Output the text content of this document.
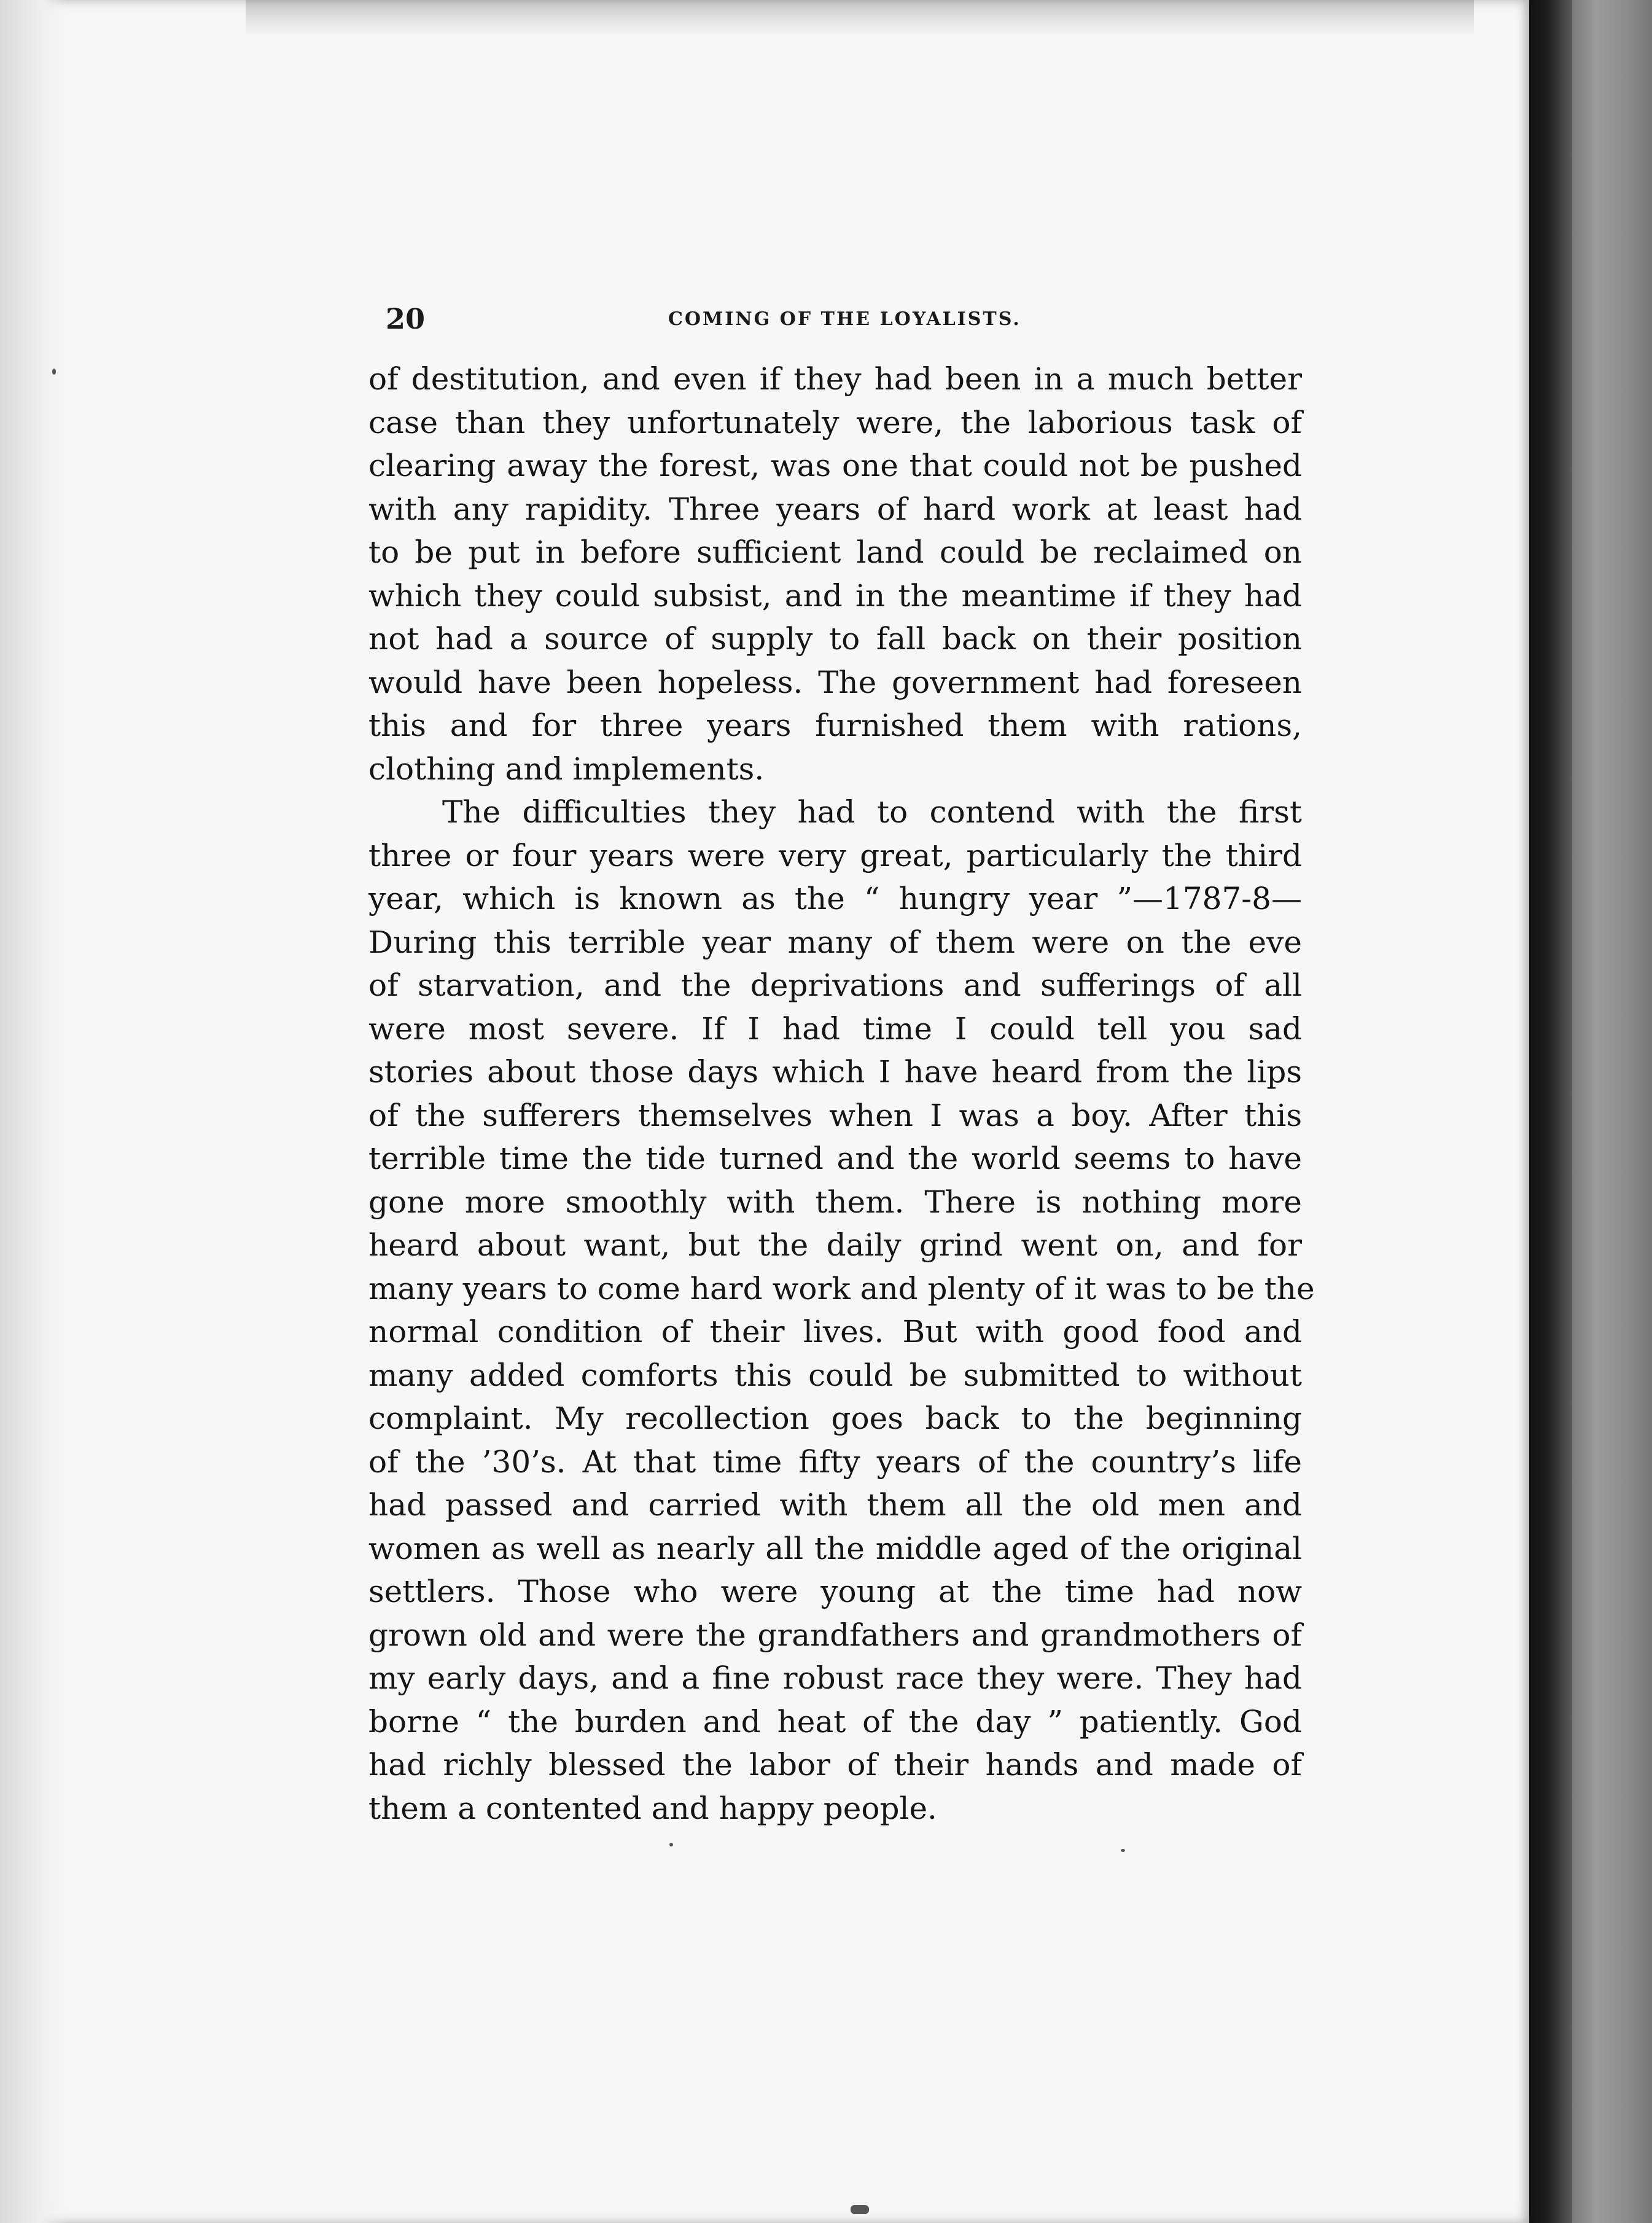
20	COMING OF THE LOYALISTS.
of destitution, and even if they had been in a much better
case than they unfortunately were, the laborious task of
clearing away the forest, was one that could not be pushed
with any rapidity. Three years of hard work at least had
to be put in before sufficient land could be reclaimed on
which they could subsist, and in the meantime if they had
not had a source of supply to fall back on their position
would have been hopeless. The government had foreseen
this and for three years furnished them with rations,
clothing and implements.
The difficulties they had to contend with the first
three or four years were very great, particularly the third
year, which is known as the “ hungry year ”—1787-8—
During this terrible year many of them were on the eve
of starvation, and the deprivations and sufferings of all
were most severe. If I had time I could tell you sad
stories about those days which I have heard from the lips
of the sufferers themselves when I was a boy. After this
terrible time the tide turned and the world seems to have
gone more smoothly with them. There is nothing more
heard about want, but the daily grind went on, and for
many years to come hard work and plenty of it was to be the
normal condition of their lives. But with good food and
many added comforts this could be submitted to without
complaint. My recollection goes back to the beginning
of the ’30’s. At that time fifty years of the country’s life
had passed and carried with them all the old men and
women as well as nearly all the middle aged of the original
settlers. Those who were young at the time had now
grown old and were the grandfathers and grandmothers of
my early days, and a fine robust race they were. They had
borne “ the burden and heat of the day ” patiently. God
had richly blessed the labor of their hands and made of
them a contented and happy people.
